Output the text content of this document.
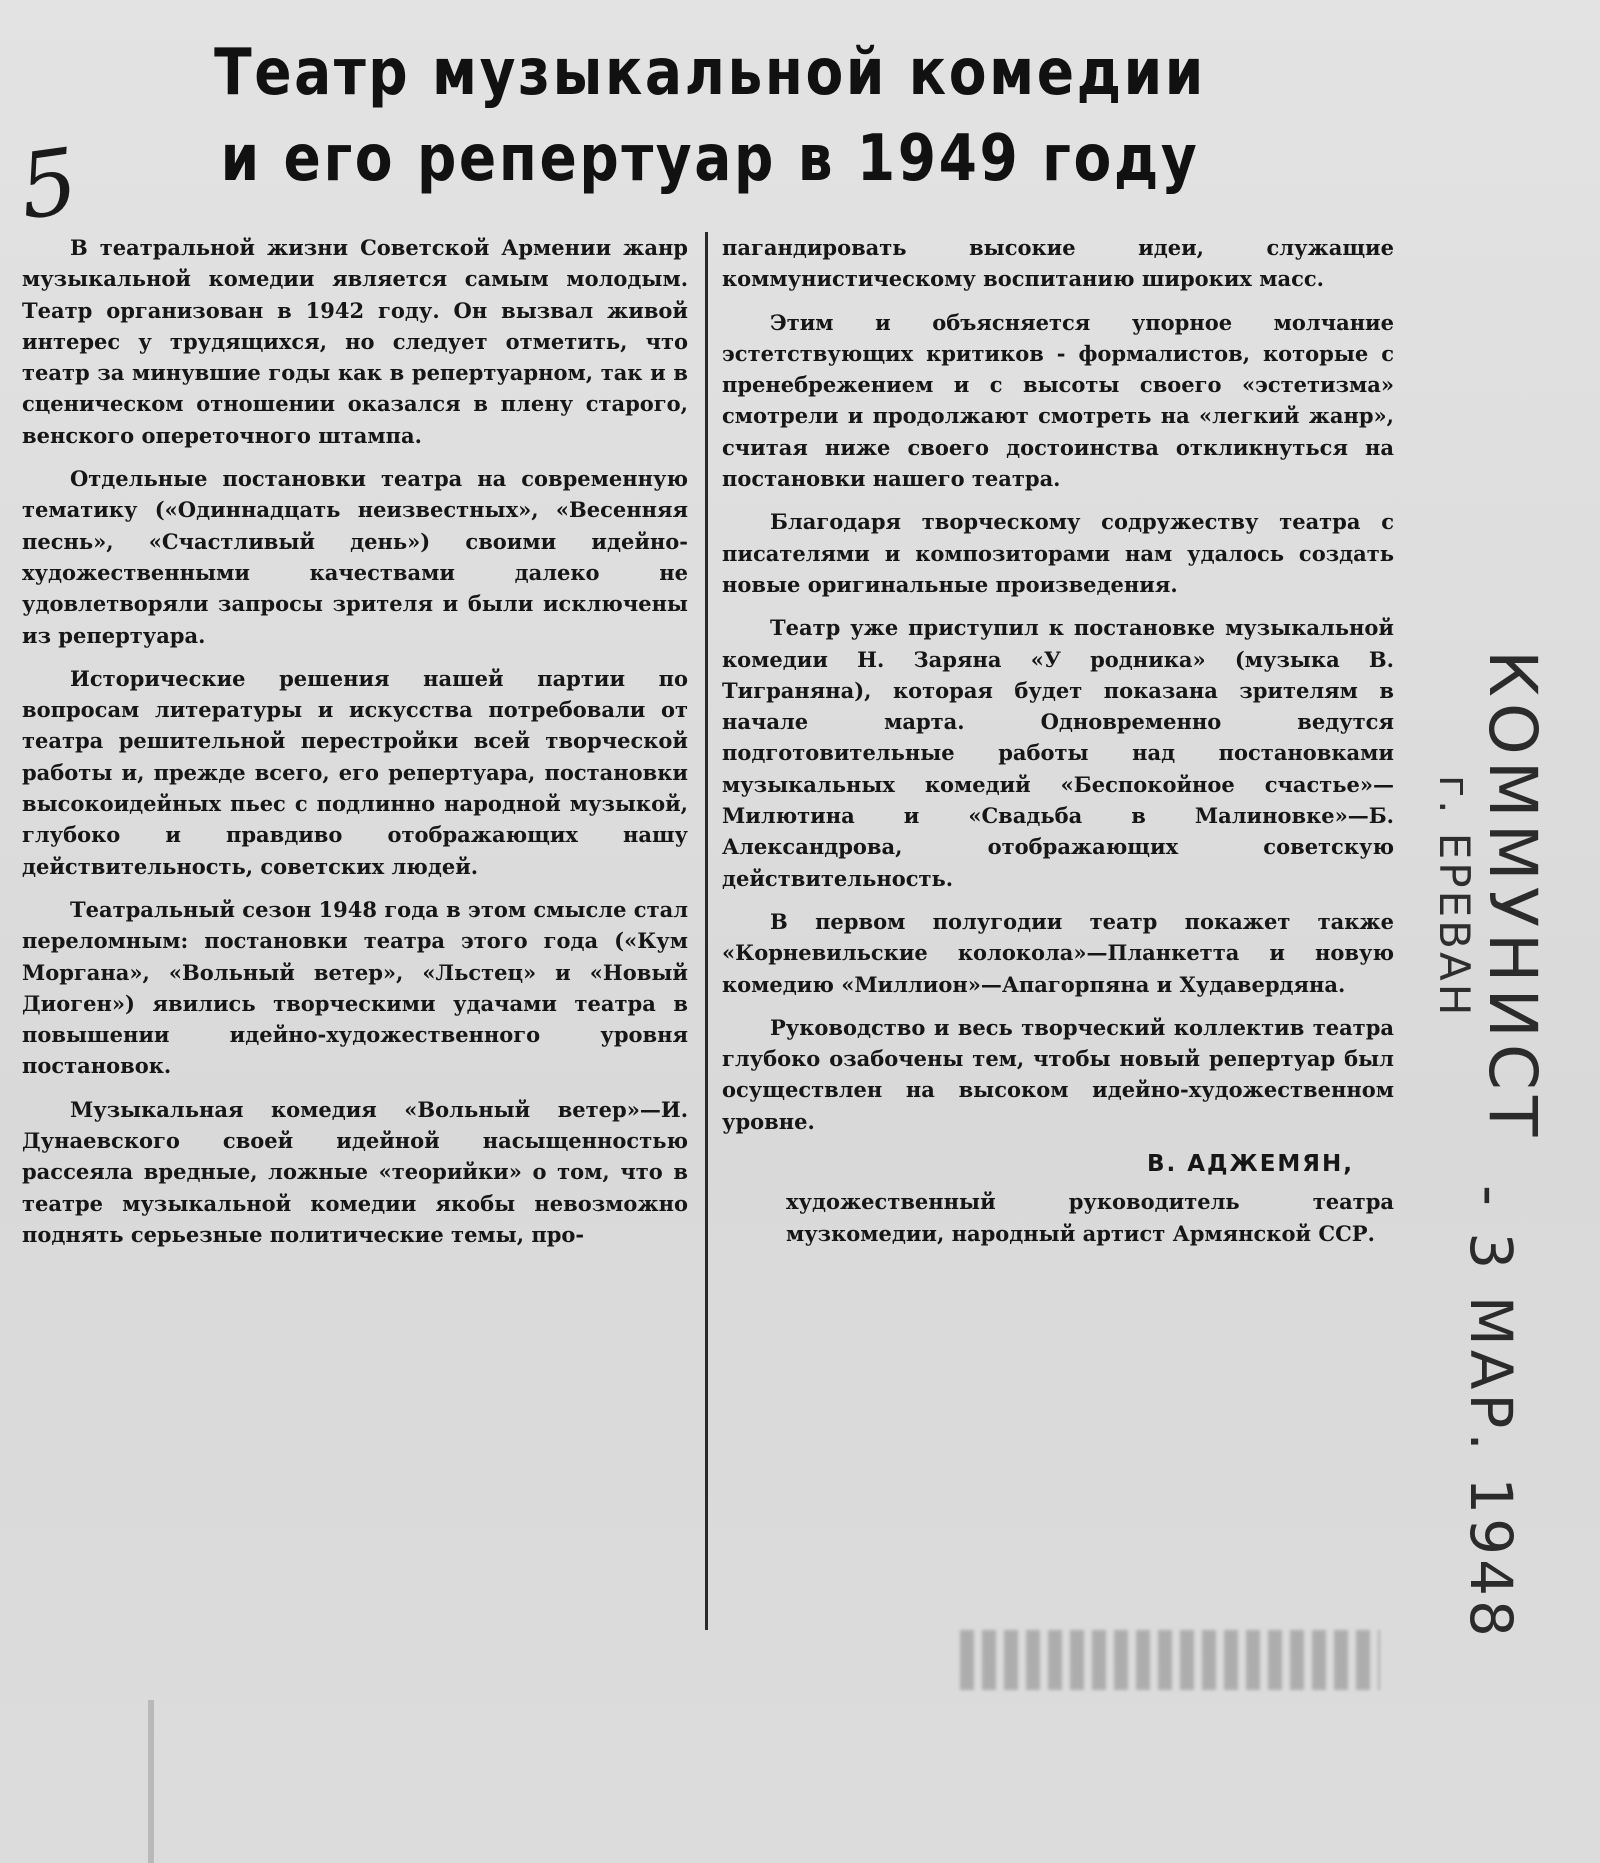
5
Театр музыкальной комедии
и его репертуар в 1949 году

В театральной жизни Советской Армении жанр музыкальной комедии является самым молодым. Театр организован в 1942 году. Он вызвал живой интерес у трудящихся, но следует отметить, что театр за минувшие годы как в репертуарном, так и в сценическом отношении оказался в плену старого, венского опереточного штампа.

Отдельные постановки театра на современную тематику («Одиннадцать неизвестных», «Весенняя песнь», «Счастливый день») своими идейно-художественными качествами далеко не удовлетворяли запросы зрителя и были исключены из репертуара.

Исторические решения нашей партии по вопросам литературы и искусства потребовали от театра решительной перестройки всей творческой работы и, прежде всего, его репертуара, постановки высокоидейных пьес с подлинно народной музыкой, глубоко и правдиво отображающих нашу действительность, советских людей.

Театральный сезон 1948 года в этом смысле стал переломным: постановки театра этого года («Кум Моргана», «Вольный ветер», «Льстец» и «Новый Диоген») явились творческими удачами театра в повышении идейно-художественного уровня постановок.

Музыкальная комедия «Вольный ветер»—И. Дунаевского своей идейной насыщенностью рассеяла вредные, ложные «теорийки» о том, что в театре музыкальной комедии якобы невозможно поднять серьезные политические темы, про-

пагандировать высокие идеи, служащие коммунистическому воспитанию широких масс.

Этим и объясняется упорное молчание эстетствующих критиков - формалистов, которые с пренебрежением и с высоты своего «эстетизма» смотрели и продолжают смотреть на «легкий жанр», считая ниже своего достоинства откликнуться на постановки нашего театра.

Благодаря творческому содружеству театра с писателями и композиторами нам удалось создать новые оригинальные произведения.

Театр уже приступил к постановке музыкальной комедии Н. Заряна «У родника» (музыка В. Тиграняна), которая будет показана зрителям в начале марта. Одновременно ведутся подготовительные работы над постановками музыкальных комедий «Беспокойное счастье»—Милютина и «Свадьба в Малиновке»—Б. Александрова, отображающих советскую действительность.

В первом полугодии театр покажет также «Корневильские колокола»—Планкетта и новую комедию «Миллион»—Апагорпяна и Худавердяна.

Руководство и весь творческий коллектив театра глубоко озабочены тем, чтобы новый репертуар был осуществлен на высоком идейно-художественном уровне.

В. АДЖЕМЯН,

художественный руководитель театра музкомедии, народный артист Армянской ССР.

КОММУНИСТ
г. ЕРЕВАН
- 3 МАР. 1948
